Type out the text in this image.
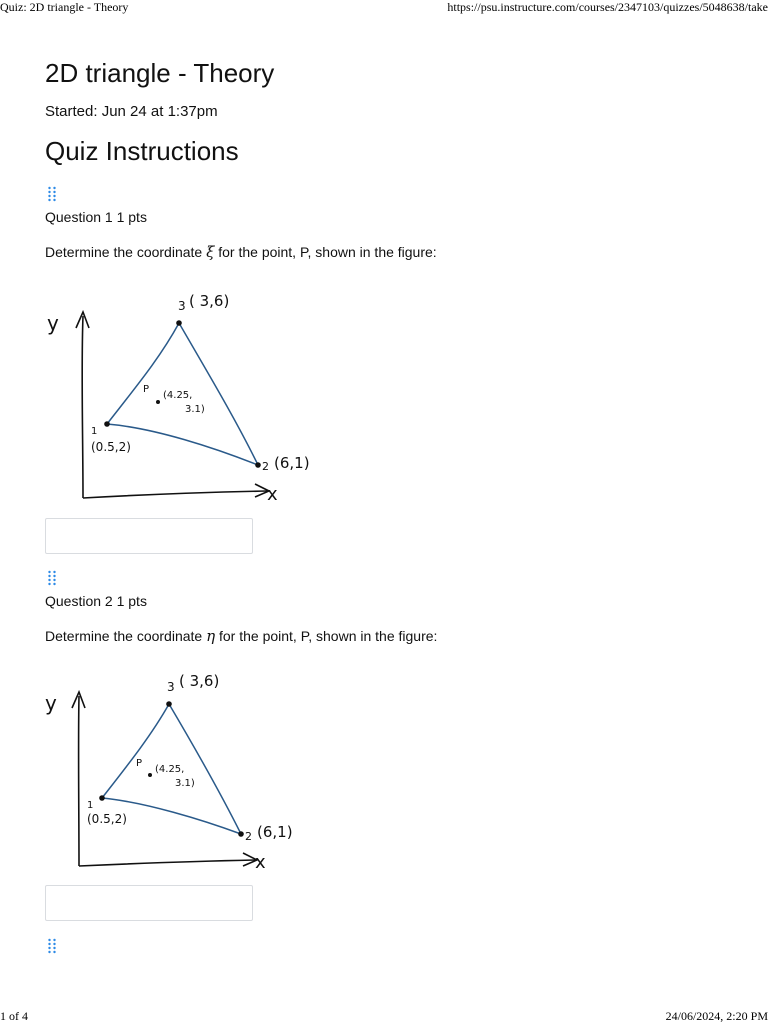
Quiz: 2D triangle - Theory	https://psu.instructure.com/courses/2347103/quizzes/5048638/take
2D triangle - Theory
Started: Jun 24 at 1:37pm
Quiz Instructions
Question 1 1 pts
Determine the coordinate ξ for the point, P, shown in the figure:
y
x
1
(0.5,2)
2 (6,1)
3 ( 3,6)
P
(4.25,
3.1)
Question 2 1 pts
Determine the coordinate η for the point, P, shown in the figure:
y
x
1
(0.5,2)
2 (6,1)
3 ( 3,6)
P
(4.25,
3.1)
1 of 4	24/06/2024, 2:20 PM
